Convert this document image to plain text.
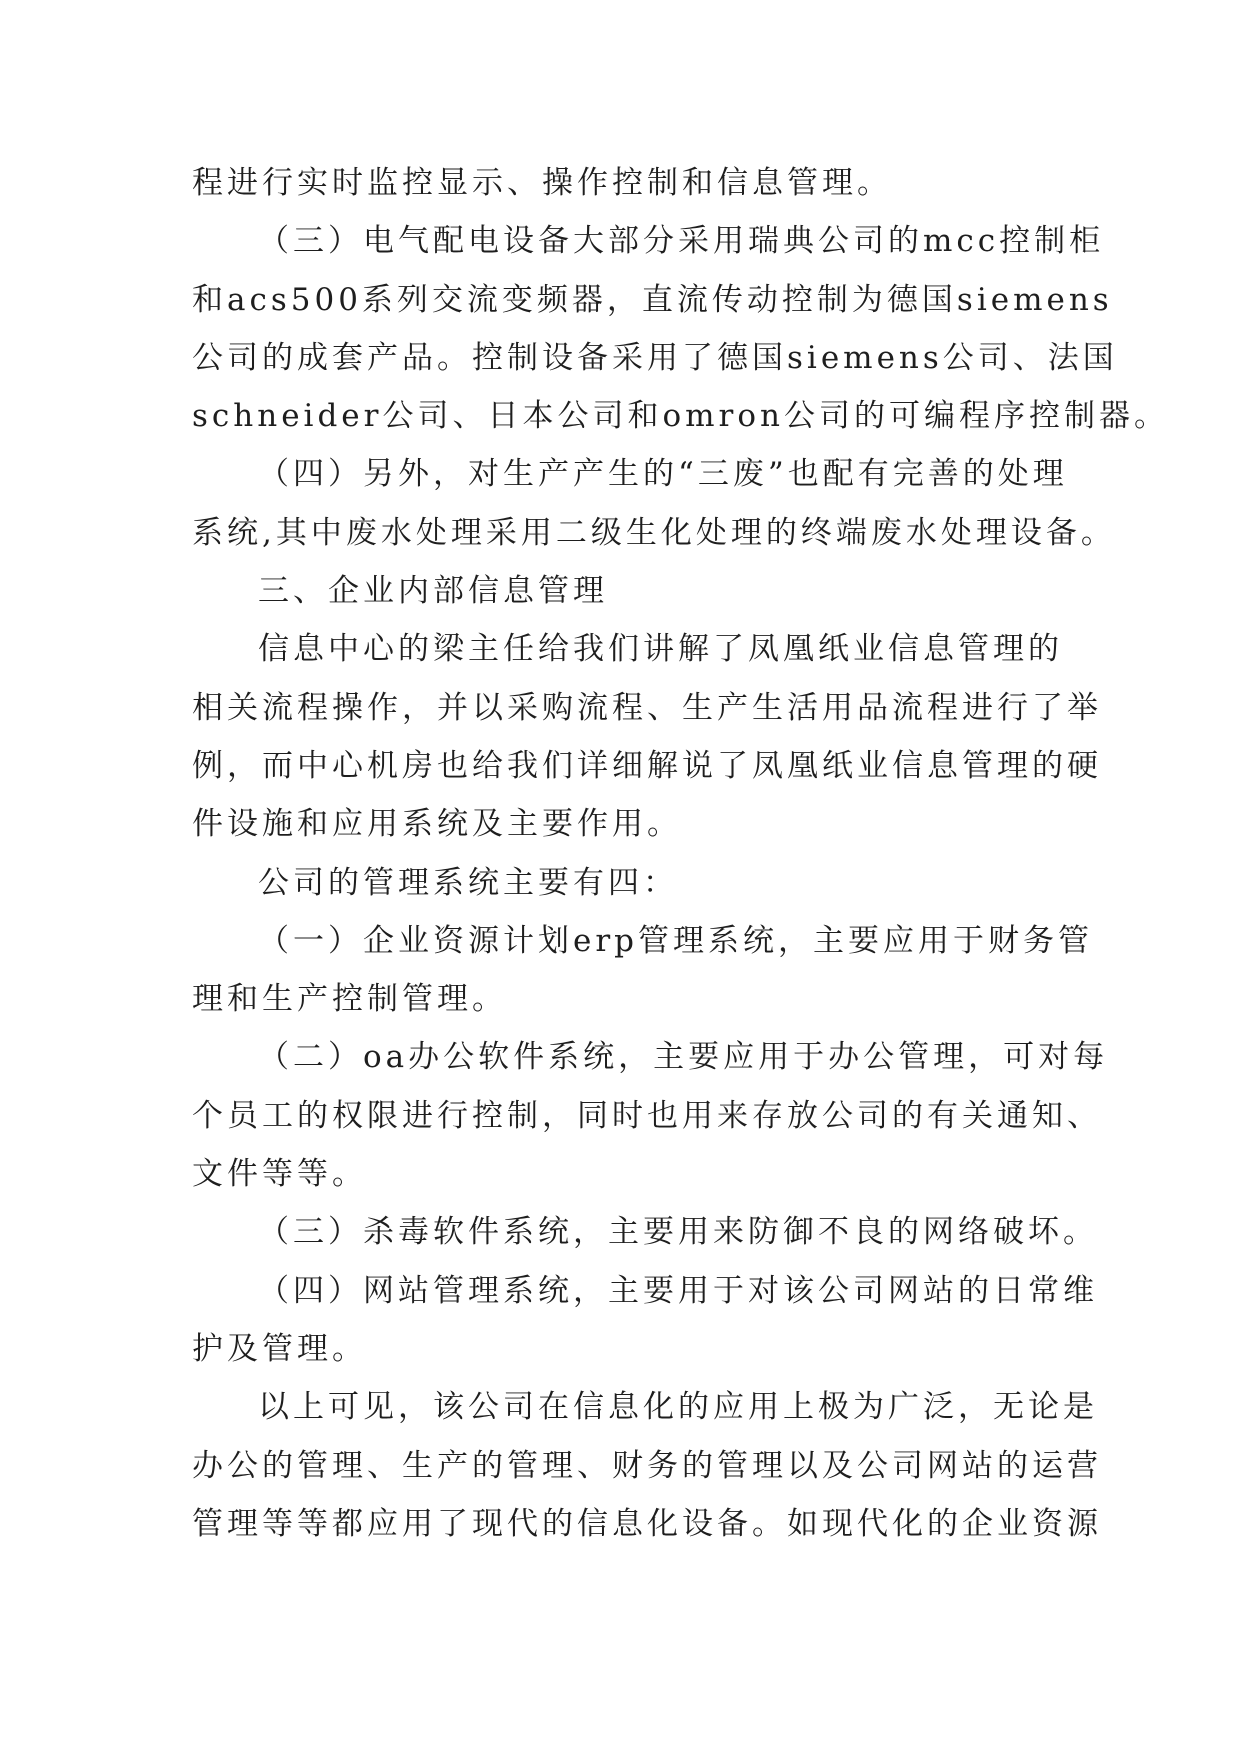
程进行实时监控显示、操作控制和信息管理。
（三）电气配电设备大部分采用瑞典公司的mcc控制柜
和acs500系列交流变频器，直流传动控制为德国siemens
公司的成套产品。控制设备采用了德国siemens公司、法国
schneider公司、日本公司和omron公司的可编程序控制器。
（四）另外，对生产产生的“三废”也配有完善的处理
系统,其中废水处理采用二级生化处理的终端废水处理设备。
三、企业内部信息管理
信息中心的梁主任给我们讲解了凤凰纸业信息管理的
相关流程操作，并以采购流程、生产生活用品流程进行了举
例，而中心机房也给我们详细解说了凤凰纸业信息管理的硬
件设施和应用系统及主要作用。
公司的管理系统主要有四：
（一）企业资源计划erp管理系统，主要应用于财务管
理和生产控制管理。
（二）oa办公软件系统，主要应用于办公管理，可对每
个员工的权限进行控制，同时也用来存放公司的有关通知、
文件等等。
（三）杀毒软件系统，主要用来防御不良的网络破坏。
（四）网站管理系统，主要用于对该公司网站的日常维
护及管理。
以上可见，该公司在信息化的应用上极为广泛，无论是
办公的管理、生产的管理、财务的管理以及公司网站的运营
管理等等都应用了现代的信息化设备。如现代化的企业资源
